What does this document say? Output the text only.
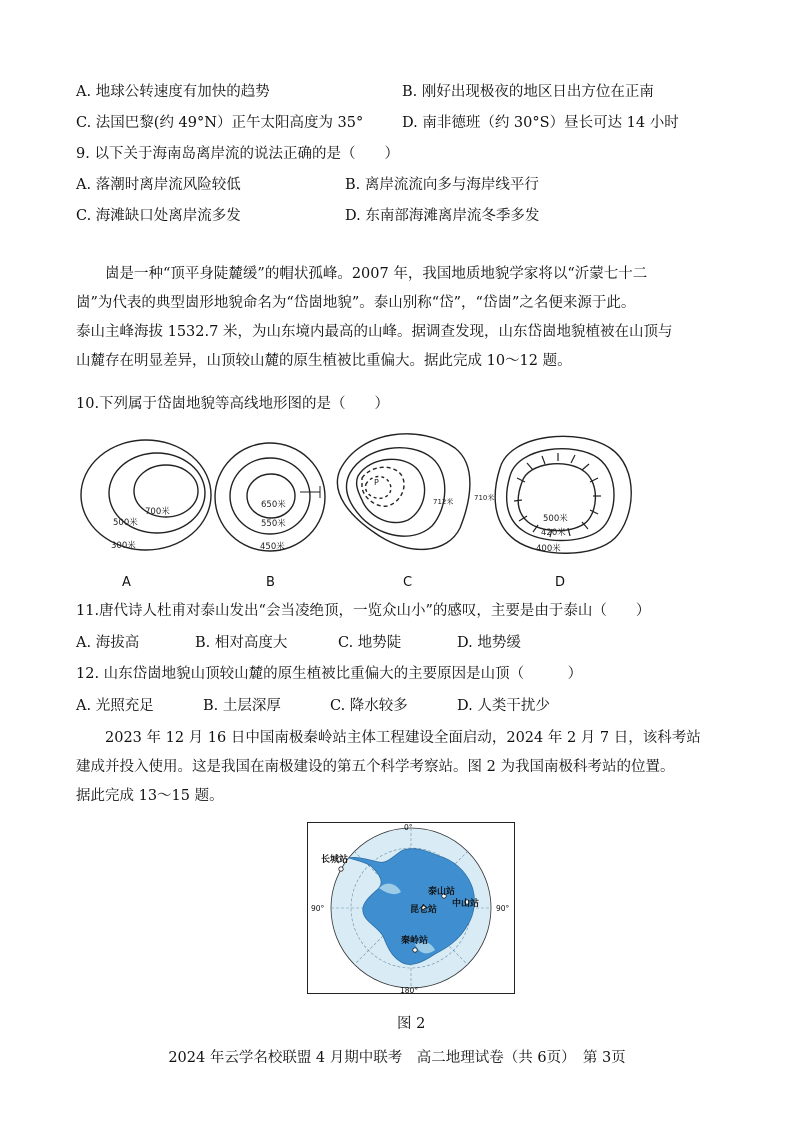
A. 地球公转速度有加快的趋势	B. 刚好出现极夜的地区日出方位在正南
C. 法国巴黎(约 49°N）正午太阳高度为 35°	D. 南非德班（约 30°S）昼长可达 14 小时
9. 以下关于海南岛离岸流的说法正确的是（　　）
A. 落潮时离岸流风险较低	B. 离岸流流向多与海岸线平行
C. 海滩缺口处离岸流多发	D. 东南部海滩离岸流冬季多发
崮是一种“顶平身陡麓缓”的帽状孤峰。2007 年，我国地质地貌学家将以“沂蒙七十二
崮”为代表的典型崮形地貌命名为“岱崮地貌”。泰山别称“岱”，“岱崮”之名便来源于此。
泰山主峰海拔 1532.7 米，为山东境内最高的山峰。据调查发现，山东岱崮地貌植被在山顶与
山麓存在明显差异，山顶较山麓的原生植被比重偏大。据此完成 10～12 题。
10.下列属于岱崮地貌等高线地形图的是（　　）
700米
500米
300米
650米
550米
450米
712米	710米
P
500米
420米
400米
A	B	C	D
11.唐代诗人杜甫对泰山发出“会当凌绝顶，一览众山小”的感叹，主要是由于泰山（　　）
A. 海拔高	B. 相对高度大	C. 地势陡	D. 地势缓
12. 山东岱崮地貌山顶较山麓的原生植被比重偏大的主要原因是山顶（　　　）
A. 光照充足	B. 土层深厚	C. 降水较多	D. 人类干扰少
2023 年 12 月 16 日中国南极秦岭站主体工程建设全面启动，2024 年 2 月 7 日，该科考站
建成并投入使用。这是我国在南极建设的第五个科学考察站。图 2 为我国南极科考站的位置。
据此完成 13～15 题。
长城站
泰山站
中山站
昆仑站
秦岭站
0°
90°	90°
180°
图 2
2024 年云学名校联盟 4 月期中联考　高二地理试卷（共 6页）　第 3页
